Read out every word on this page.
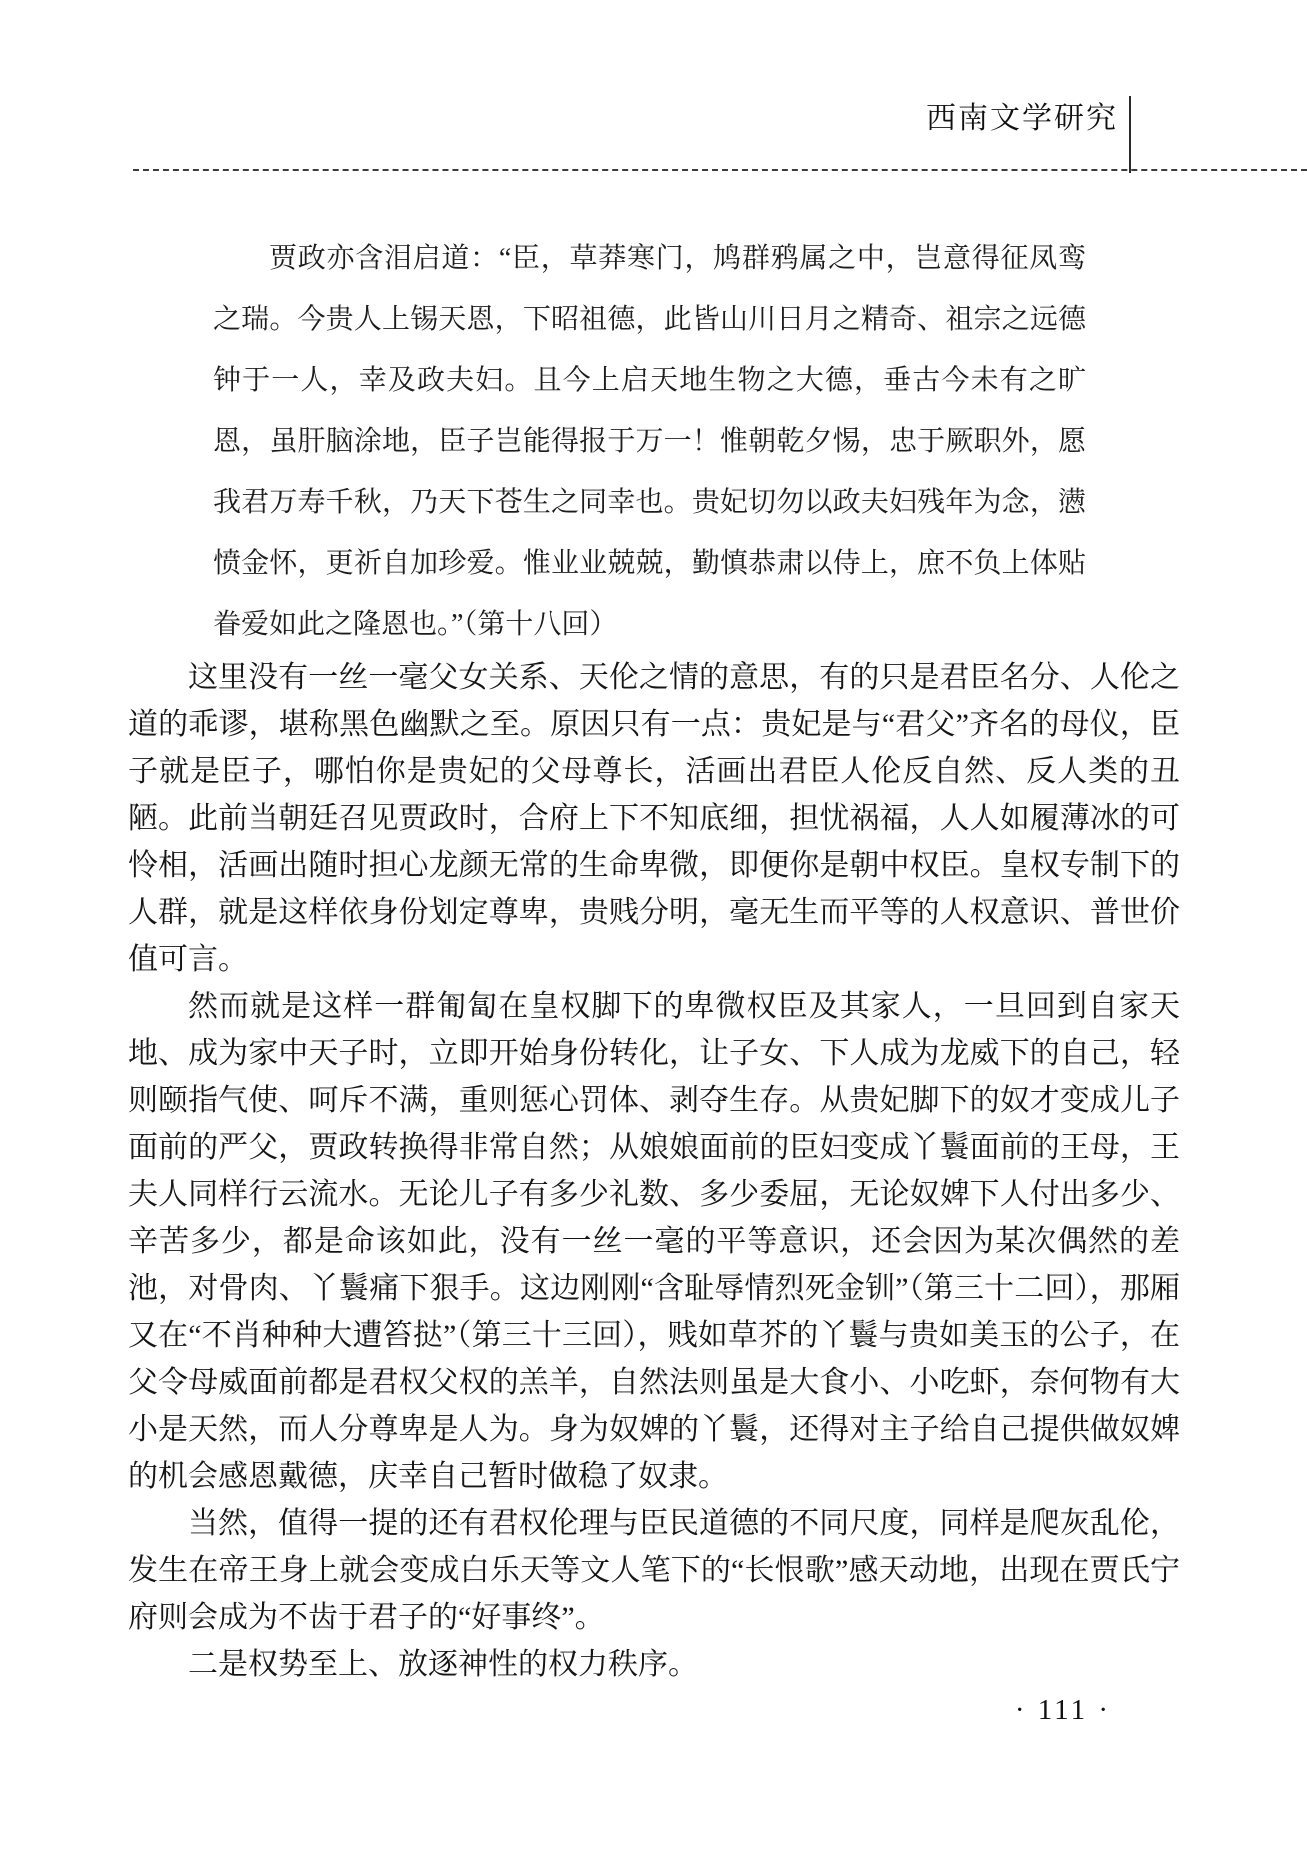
西南文学研究
贾政亦含泪启道：“臣，草莽寒门，鸠群鸦属之中，岂意得征凤鸾之瑞。今贵人上锡天恩，下昭祖德，此皆山川日月之精奇、祖宗之远德钟于一人，幸及政夫妇。且今上启天地生物之大德，垂古今未有之旷恩，虽肝脑涂地，臣子岂能得报于万一！惟朝乾夕惕，忠于厥职外，愿我君万寿千秋，乃天下苍生之同幸也。贵妃切勿以政夫妇残年为念，懑愤金怀，更祈自加珍爱。惟业业兢兢，勤慎恭肃以侍上，庶不负上体贴眷爱如此之隆恩也。”（第十八回）

这里没有一丝一毫父女关系、天伦之情的意思，有的只是君臣名分、人伦之道的乖谬，堪称黑色幽默之至。原因只有一点：贵妃是与“君父”齐名的母仪，臣子就是臣子，哪怕你是贵妃的父母尊长，活画出君臣人伦反自然、反人类的丑陋。此前当朝廷召见贾政时，合府上下不知底细，担忧祸福，人人如履薄冰的可怜相，活画出随时担心龙颜无常的生命卑微，即便你是朝中权臣。皇权专制下的人群，就是这样依身份划定尊卑，贵贱分明，毫无生而平等的人权意识、普世价值可言。

然而就是这样一群匍匐在皇权脚下的卑微权臣及其家人，一旦回到自家天地、成为家中天子时，立即开始身份转化，让子女、下人成为龙威下的自己，轻则颐指气使、呵斥不满，重则惩心罚体、剥夺生存。从贵妃脚下的奴才变成儿子面前的严父，贾政转换得非常自然；从娘娘面前的臣妇变成丫鬟面前的王母，王夫人同样行云流水。无论儿子有多少礼数、多少委屈，无论奴婢下人付出多少、辛苦多少，都是命该如此，没有一丝一毫的平等意识，还会因为某次偶然的差池，对骨肉、丫鬟痛下狠手。这边刚刚“含耻辱情烈死金钏”（第三十二回），那厢又在“不肖种种大遭笞挞”（第三十三回），贱如草芥的丫鬟与贵如美玉的公子，在父令母威面前都是君权父权的羔羊，自然法则虽是大食小、小吃虾，奈何物有大小是天然，而人分尊卑是人为。身为奴婢的丫鬟，还得对主子给自己提供做奴婢的机会感恩戴德，庆幸自己暂时做稳了奴隶。

当然，值得一提的还有君权伦理与臣民道德的不同尺度，同样是爬灰乱伦，发生在帝王身上就会变成白乐天等文人笔下的“长恨歌”感天动地，出现在贾氏宁府则会成为不齿于君子的“好事终”。

二是权势至上、放逐神性的权力秩序。

· 111 ·
